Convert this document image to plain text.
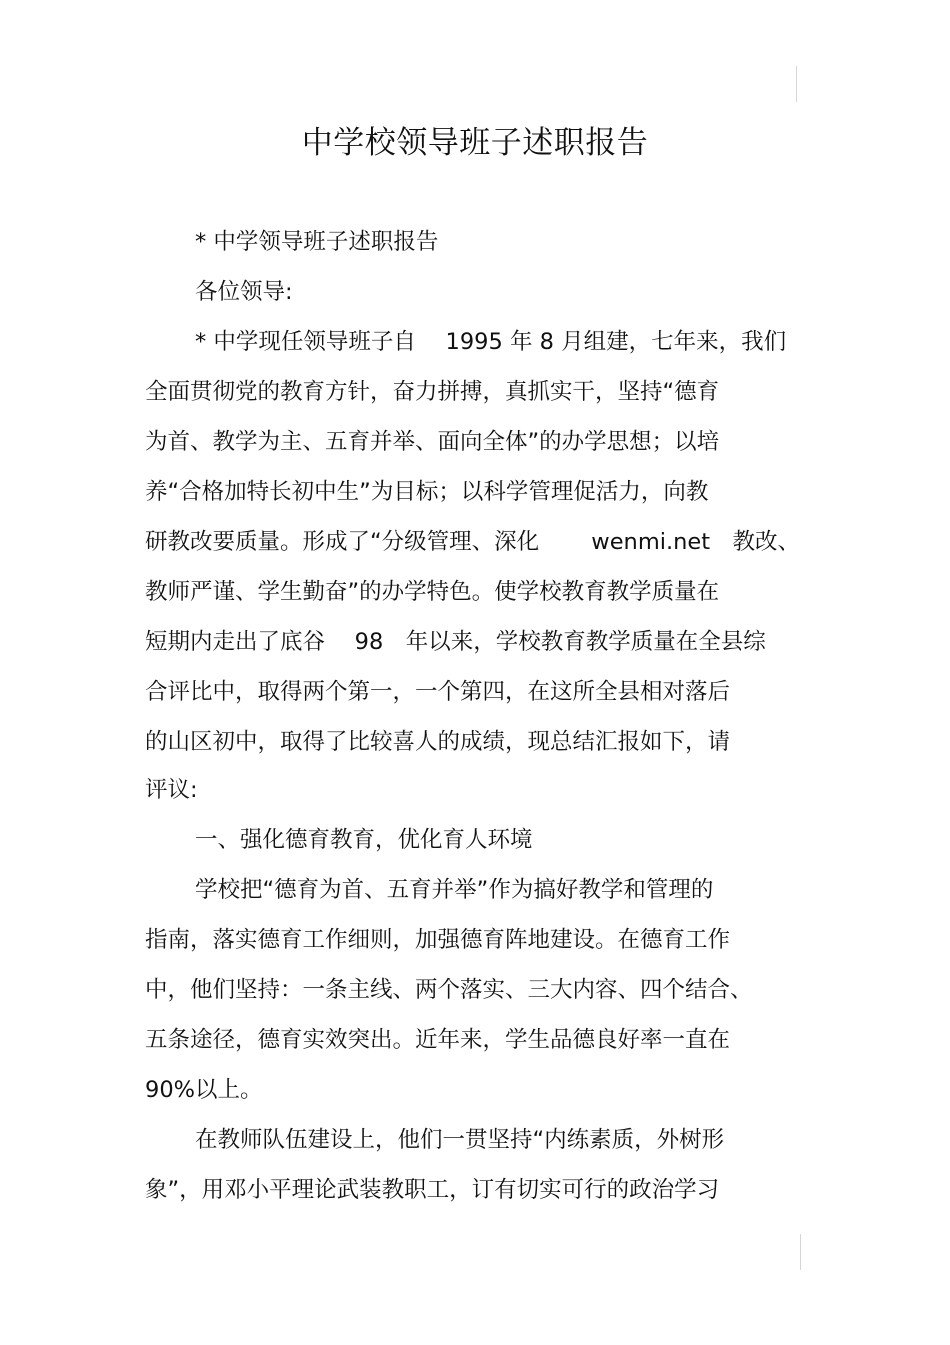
中学校领导班子述职报告
* 中学领导班子述职报告
各位领导:
* 中学现任领导班子自　 1995 年 8 月组建，七年来，我们
全面贯彻党的教育方针，奋力拼搏，真抓实干，坚持“德育
为首、教学为主、五育并举、面向全体”的办学思想；以培
养“合格加特长初中生”为目标；以科学管理促活力，向教
研教改要质量。形成了“分级管理、深化　　 wenmi.net　教改、
教师严谨、学生勤奋”的办学特色。使学校教育教学质量在
短期内走出了底谷　 98　年以来，学校教育教学质量在全县综
合评比中，取得两个第一，一个第四，在这所全县相对落后
的山区初中，取得了比较喜人的成绩，现总结汇报如下，请
评议:
一、强化德育教育，优化育人环境
学校把“德育为首、五育并举”作为搞好教学和管理的
指南，落实德育工作细则，加强德育阵地建设。在德育工作
中，他们坚持：一条主线、两个落实、三大内容、四个结合、
五条途径，德育实效突出。近年来，学生品德良好率一直在
90%以上。
在教师队伍建设上，他们一贯坚持“内练素质，外树形
象”，用邓小平理论武装教职工，订有切实可行的政治学习
